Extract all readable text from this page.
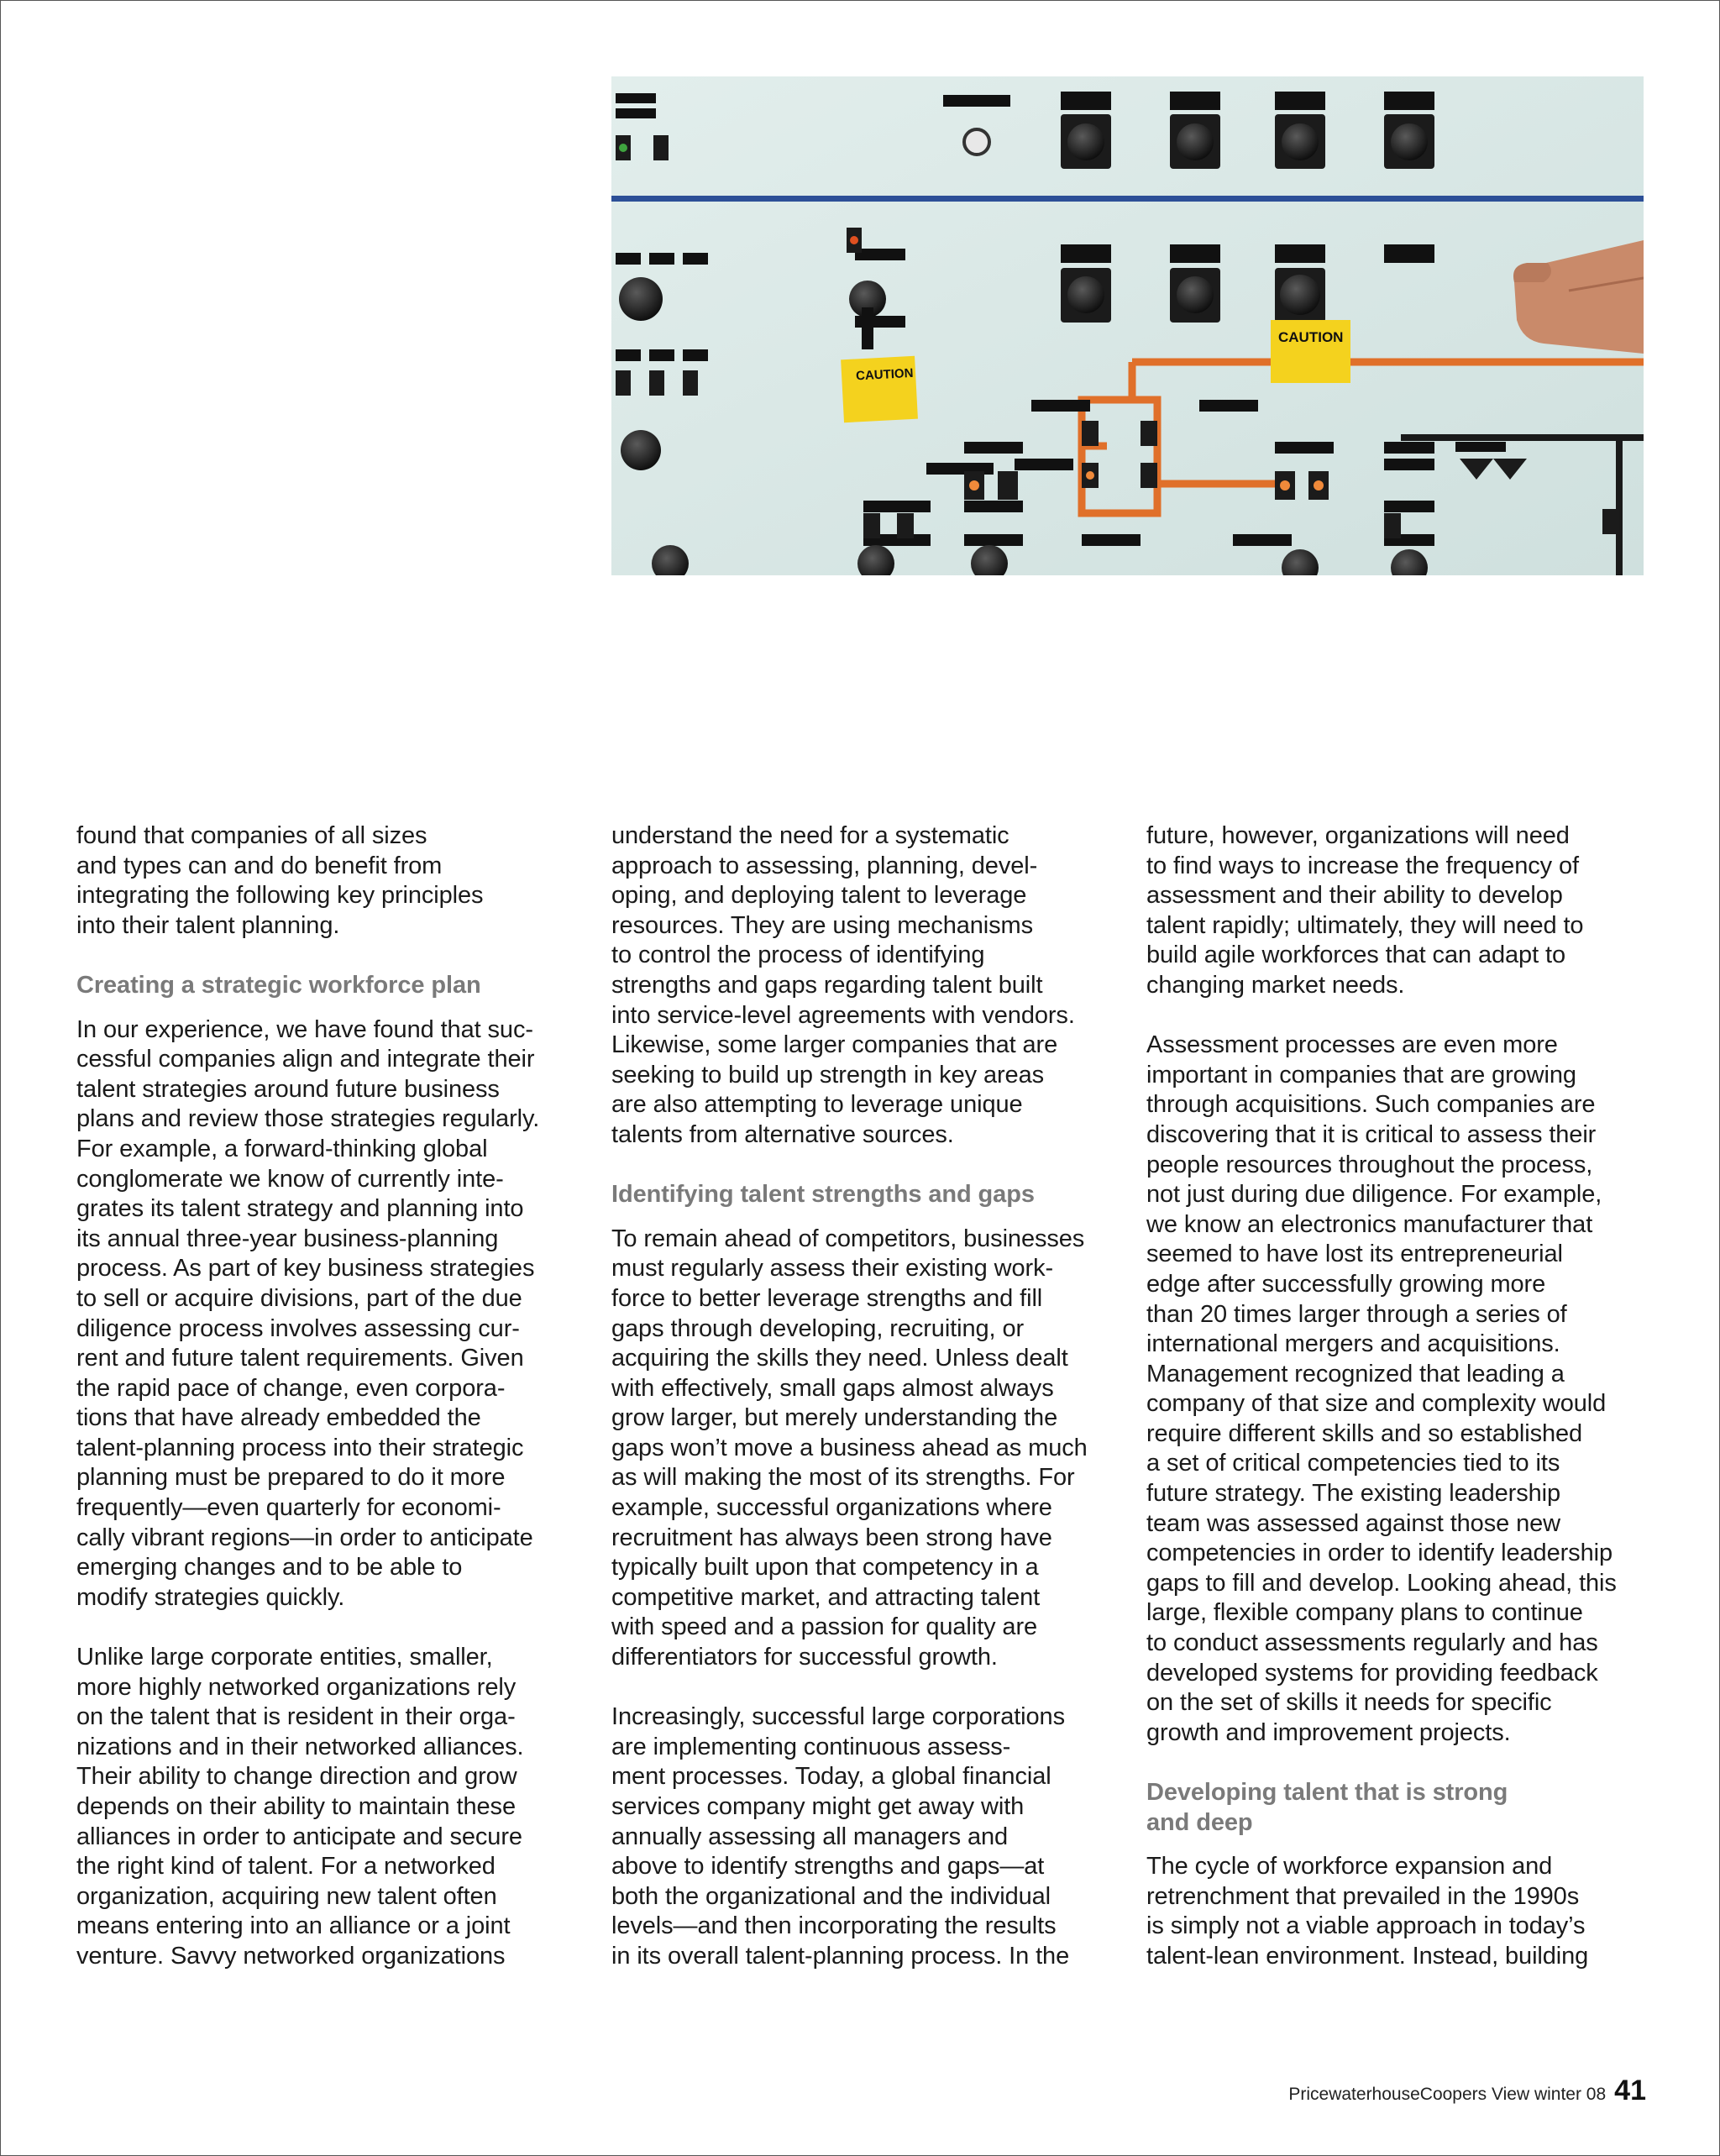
CAUTION
CAUTION

found that companies of all sizes
and types can and do benefit from
integrating the following key principles
into their talent planning.

Creating a strategic workforce plan

In our experience, we have found that suc-
cessful companies align and integrate their
talent strategies around future business
plans and review those strategies regularly.
For example, a forward-thinking global
conglomerate we know of currently inte-
grates its talent strategy and planning into
its annual three-year business-planning
process. As part of key business strategies
to sell or acquire divisions, part of the due
diligence process involves assessing cur-
rent and future talent requirements. Given
the rapid pace of change, even corpora-
tions that have already embedded the
talent-planning process into their strategic
planning must be prepared to do it more
frequently—even quarterly for economi-
cally vibrant regions—in order to anticipate
emerging changes and to be able to
modify strategies quickly.

Unlike large corporate entities, smaller,
more highly networked organizations rely
on the talent that is resident in their orga-
nizations and in their networked alliances.
Their ability to change direction and grow
depends on their ability to maintain these
alliances in order to anticipate and secure
the right kind of talent. For a networked
organization, acquiring new talent often
means entering into an alliance or a joint
venture. Savvy networked organizations

understand the need for a systematic
approach to assessing, planning, devel-
oping, and deploying talent to leverage
resources. They are using mechanisms
to control the process of identifying
strengths and gaps regarding talent built
into service-level agreements with vendors.
Likewise, some larger companies that are
seeking to build up strength in key areas
are also attempting to leverage unique
talents from alternative sources.

Identifying talent strengths and gaps

To remain ahead of competitors, businesses
must regularly assess their existing work-
force to better leverage strengths and fill
gaps through developing, recruiting, or
acquiring the skills they need. Unless dealt
with effectively, small gaps almost always
grow larger, but merely understanding the
gaps won’t move a business ahead as much
as will making the most of its strengths. For
example, successful organizations where
recruitment has always been strong have
typically built upon that competency in a
competitive market, and attracting talent
with speed and a passion for quality are
differentiators for successful growth.

Increasingly, successful large corporations
are implementing continuous assess-
ment processes. Today, a global financial
services company might get away with
annually assessing all managers and
above to identify strengths and gaps—at
both the organizational and the individual
levels—and then incorporating the results
in its overall talent-planning process. In the

future, however, organizations will need
to find ways to increase the frequency of
assessment and their ability to develop
talent rapidly; ultimately, they will need to
build agile workforces that can adapt to
changing market needs.

Assessment processes are even more
important in companies that are growing
through acquisitions. Such companies are
discovering that it is critical to assess their
people resources throughout the process,
not just during due diligence. For example,
we know an electronics manufacturer that
seemed to have lost its entrepreneurial
edge after successfully growing more
than 20 times larger through a series of
international mergers and acquisitions.
Management recognized that leading a
company of that size and complexity would
require different skills and so established
a set of critical competencies tied to its
future strategy. The existing leadership
team was assessed against those new
competencies in order to identify leadership
gaps to fill and develop. Looking ahead, this
large, flexible company plans to continue
to conduct assessments regularly and has
developed systems for providing feedback
on the set of skills it needs for specific
growth and improvement projects.

Developing talent that is strong
and deep

The cycle of workforce expansion and
retrenchment that prevailed in the 1990s
is simply not a viable approach in today’s
talent-lean environment. Instead, building

PricewaterhouseCoopers View winter 08 41
